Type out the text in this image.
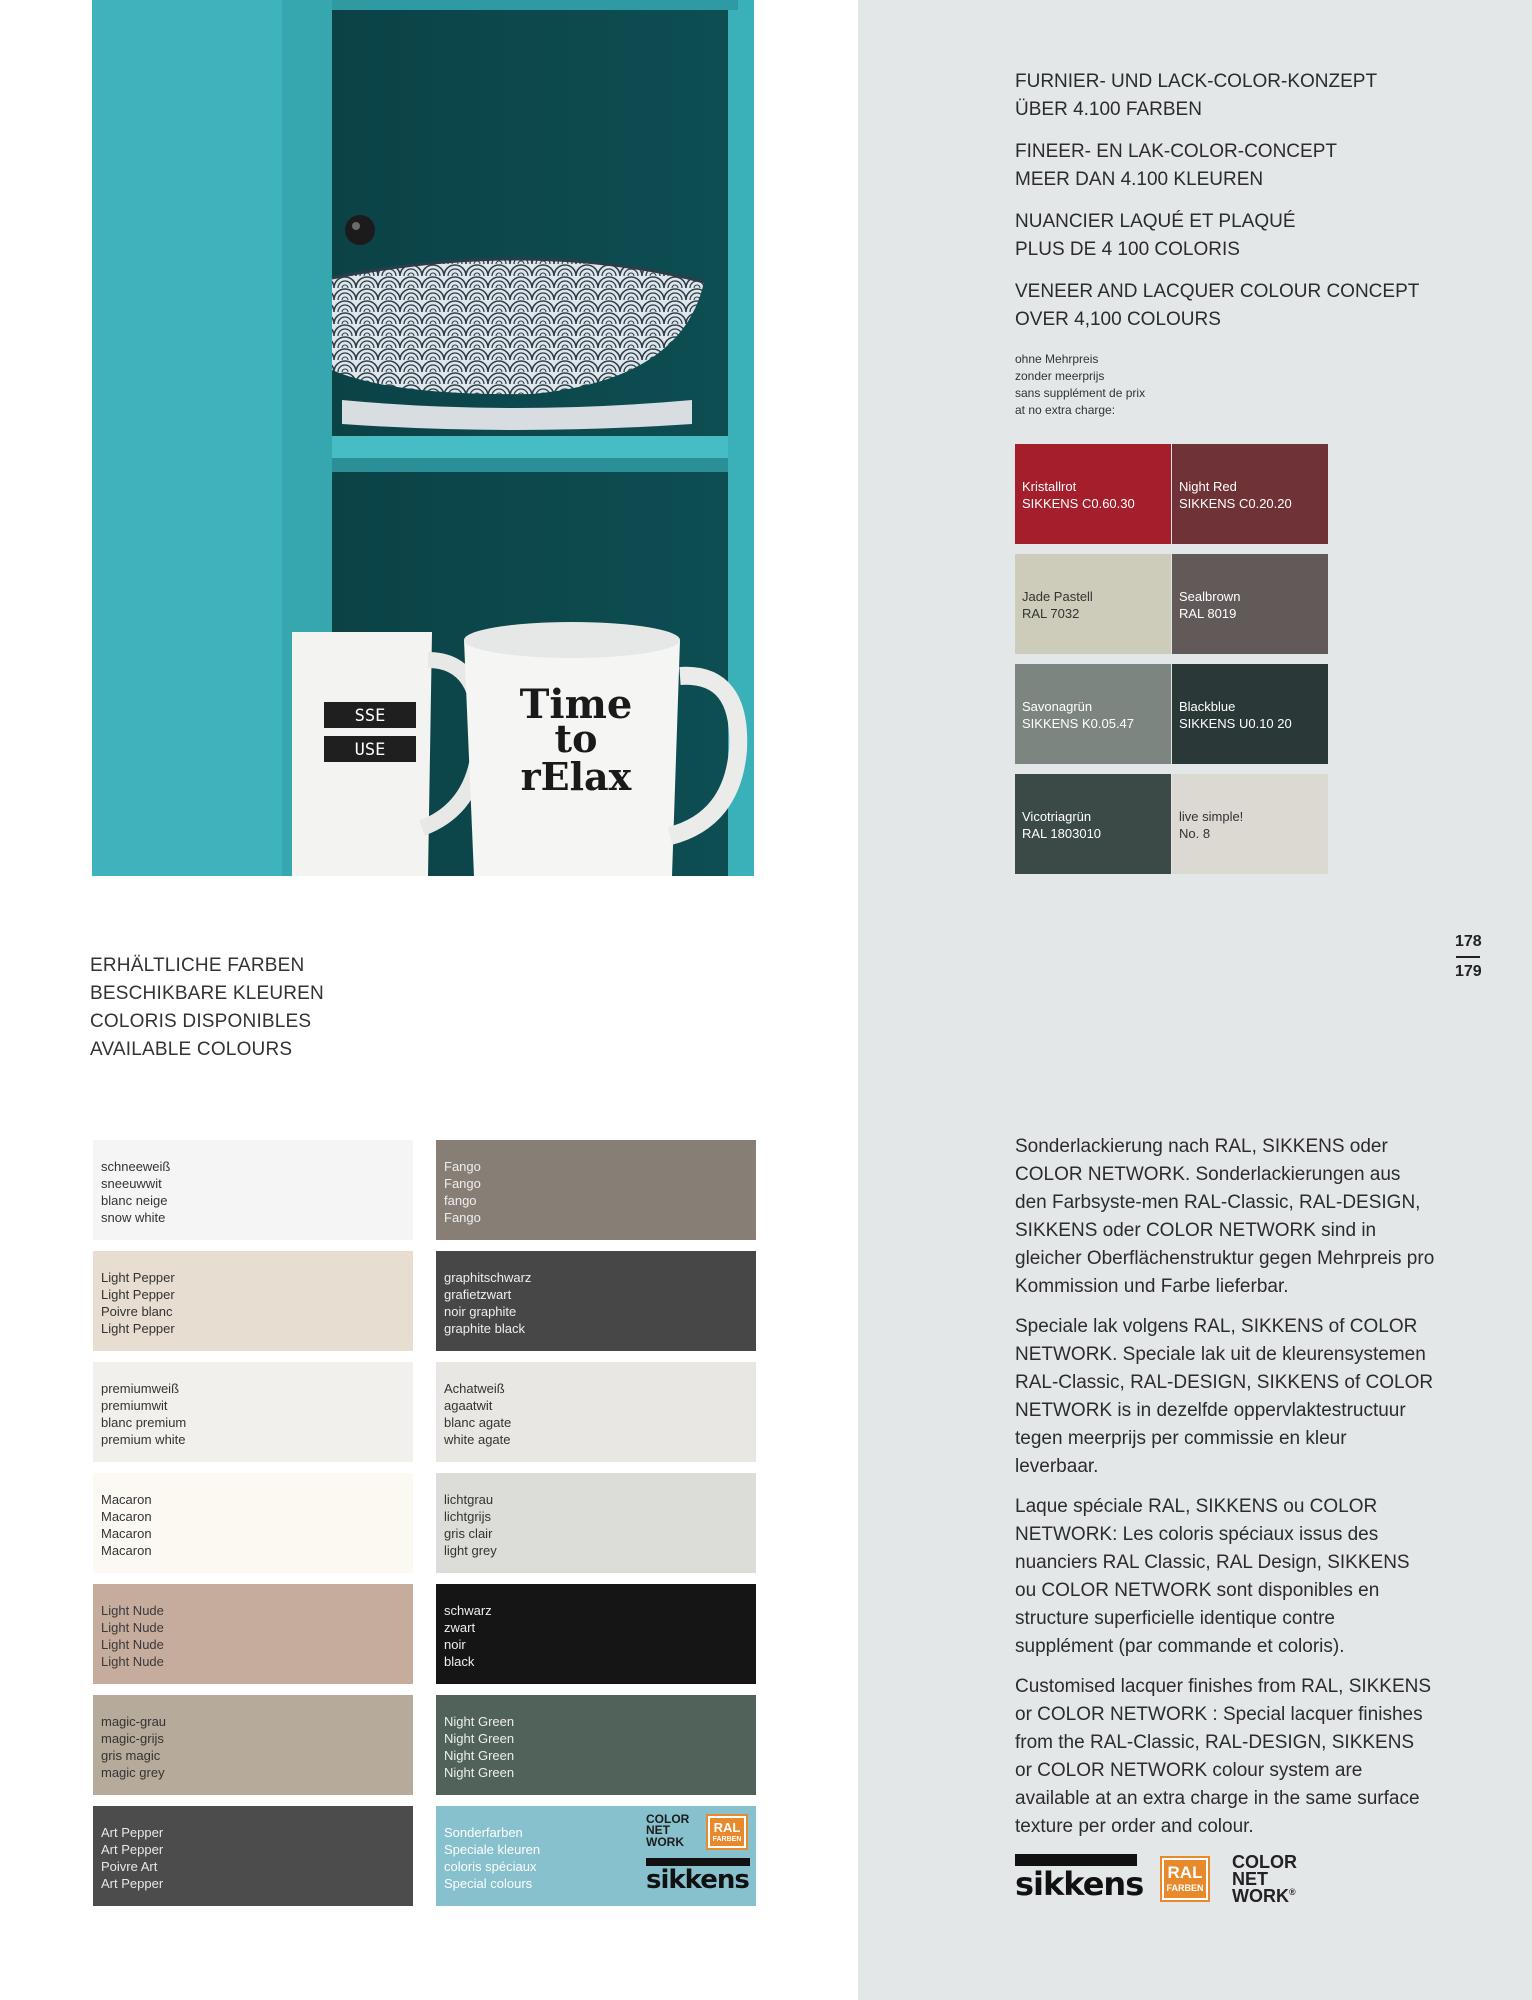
SSE
USE
Time
to
rElax
ERHÄLTLICHE FARBEN
BESCHIKBARE KLEUREN
COLORIS DISPONIBLES
AVAILABLE COLOURS
schneeweiß
sneeuwwit
blanc neige
snow white
Light Pepper
Light Pepper
Poivre blanc
Light Pepper
premiumweiß
premiumwit
blanc premium
premium white
Macaron
Macaron
Macaron
Macaron
Light Nude
Light Nude
Light Nude
Light Nude
magic-grau
magic-grijs
gris magic
magic grey
Art Pepper
Art Pepper
Poivre Art
Art Pepper
Fango
Fango
fango
Fango
graphitschwarz
grafietzwart
noir graphite
graphite black
Achatweiß
agaatwit
blanc agate
white agate
lichtgrau
lichtgrijs
gris clair
light grey
schwarz
zwart
noir
black
Night Green
Night Green
Night Green
Night Green
Sonderfarben
Speciale kleuren
coloris spéciaux
Special colours
COLOR
NET
WORK
RAL
FARBEN
sikkens
FURNIER- UND LACK-COLOR-KONZEPT
ÜBER 4.100 FARBEN
FINEER- EN LAK-COLOR-CONCEPT
MEER DAN 4.100 KLEUREN
NUANCIER LAQUÉ ET PLAQUÉ
PLUS DE 4 100 COLORIS
VENEER AND LACQUER COLOUR CONCEPT
OVER 4,100 COLOURS
ohne Mehrpreis
zonder meerprijs
sans supplément de prix
at no extra charge:
Kristallrot
SIKKENS C0.60.30
Night Red
SIKKENS C0.20.20
Jade Pastell
RAL 7032
Sealbrown
RAL 8019
Savonagrün
SIKKENS K0.05.47
Blackblue
SIKKENS U0.10 20
Vicotriagrün
RAL 1803010
live simple!
No. 8
178
179

Sonderlackierung nach RAL, SIKKENS oder COLOR NETWORK. Sonderlackierungen aus den Farbsyste-men RAL-Classic, RAL-DESIGN, SIKKENS oder COLOR NETWORK sind in gleicher Oberflächenstruktur gegen Mehrpreis pro Kommission und Farbe lieferbar.

Speciale lak volgens RAL, SIKKENS of COLOR NETWORK. Speciale lak uit de kleurensystemen RAL-Classic, RAL-DESIGN, SIKKENS of COLOR NETWORK is in dezelfde oppervlaktestructuur tegen meerprijs per commissie en kleur leverbaar.

Laque spéciale RAL, SIKKENS ou COLOR NETWORK: Les coloris spéciaux issus des nuanciers RAL Classic, RAL Design, SIKKENS ou COLOR NETWORK sont disponibles en structure superficielle identique contre supplément (par commande et coloris).

Customised lacquer finishes from RAL, SIKKENS or COLOR NETWORK : Special lacquer finishes from the RAL-Classic, RAL-DESIGN, SIKKENS or COLOR NETWORK colour system are available at an extra charge in the same surface texture per order and colour.

sikkens RAL
FARBEN
COLOR
NET
WORK®
